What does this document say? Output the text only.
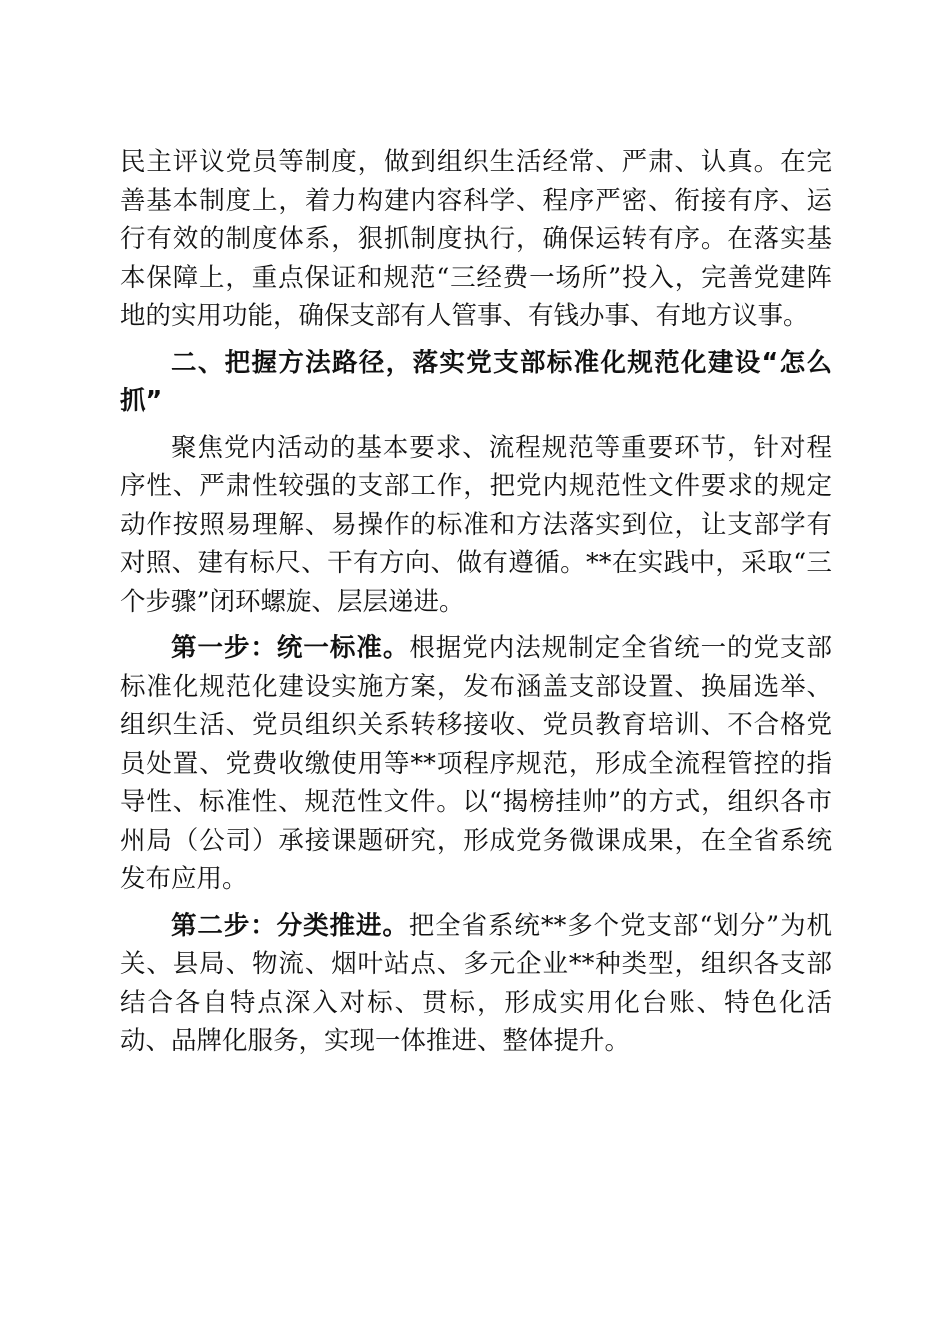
民主评议党员等制度，做到组织生活经常、严肃、认真。在完善基本制度上，着力构建内容科学、程序严密、衔接有序、运行有效的制度体系，狠抓制度执行，确保运转有序。在落实基本保障上，重点保证和规范“三经费一场所”投入，完善党建阵地的实用功能，确保支部有人管事、有钱办事、有地方议事。

二、把握方法路径，落实党支部标准化规范化建设“怎么抓”

聚焦党内活动的基本要求、流程规范等重要环节，针对程序性、严肃性较强的支部工作，把党内规范性文件要求的规定动作按照易理解、易操作的标准和方法落实到位，让支部学有对照、建有标尺、干有方向、做有遵循。**在实践中，采取“三个步骤”闭环螺旋、层层递进。

第一步：统一标准。根据党内法规制定全省统一的党支部标准化规范化建设实施方案，发布涵盖支部设置、换届选举、组织生活、党员组织关系转移接收、党员教育培训、不合格党员处置、党费收缴使用等**项程序规范，形成全流程管控的指导性、标准性、规范性文件。以“揭榜挂帅”的方式，组织各市州局（公司）承接课题研究，形成党务微课成果，在全省系统发布应用。

第二步：分类推进。把全省系统**多个党支部“划分”为机关、县局、物流、烟叶站点、多元企业**种类型，组织各支部结合各自特点深入对标、贯标，形成实用化台账、特色化活动、品牌化服务，实现一体推进、整体提升。
